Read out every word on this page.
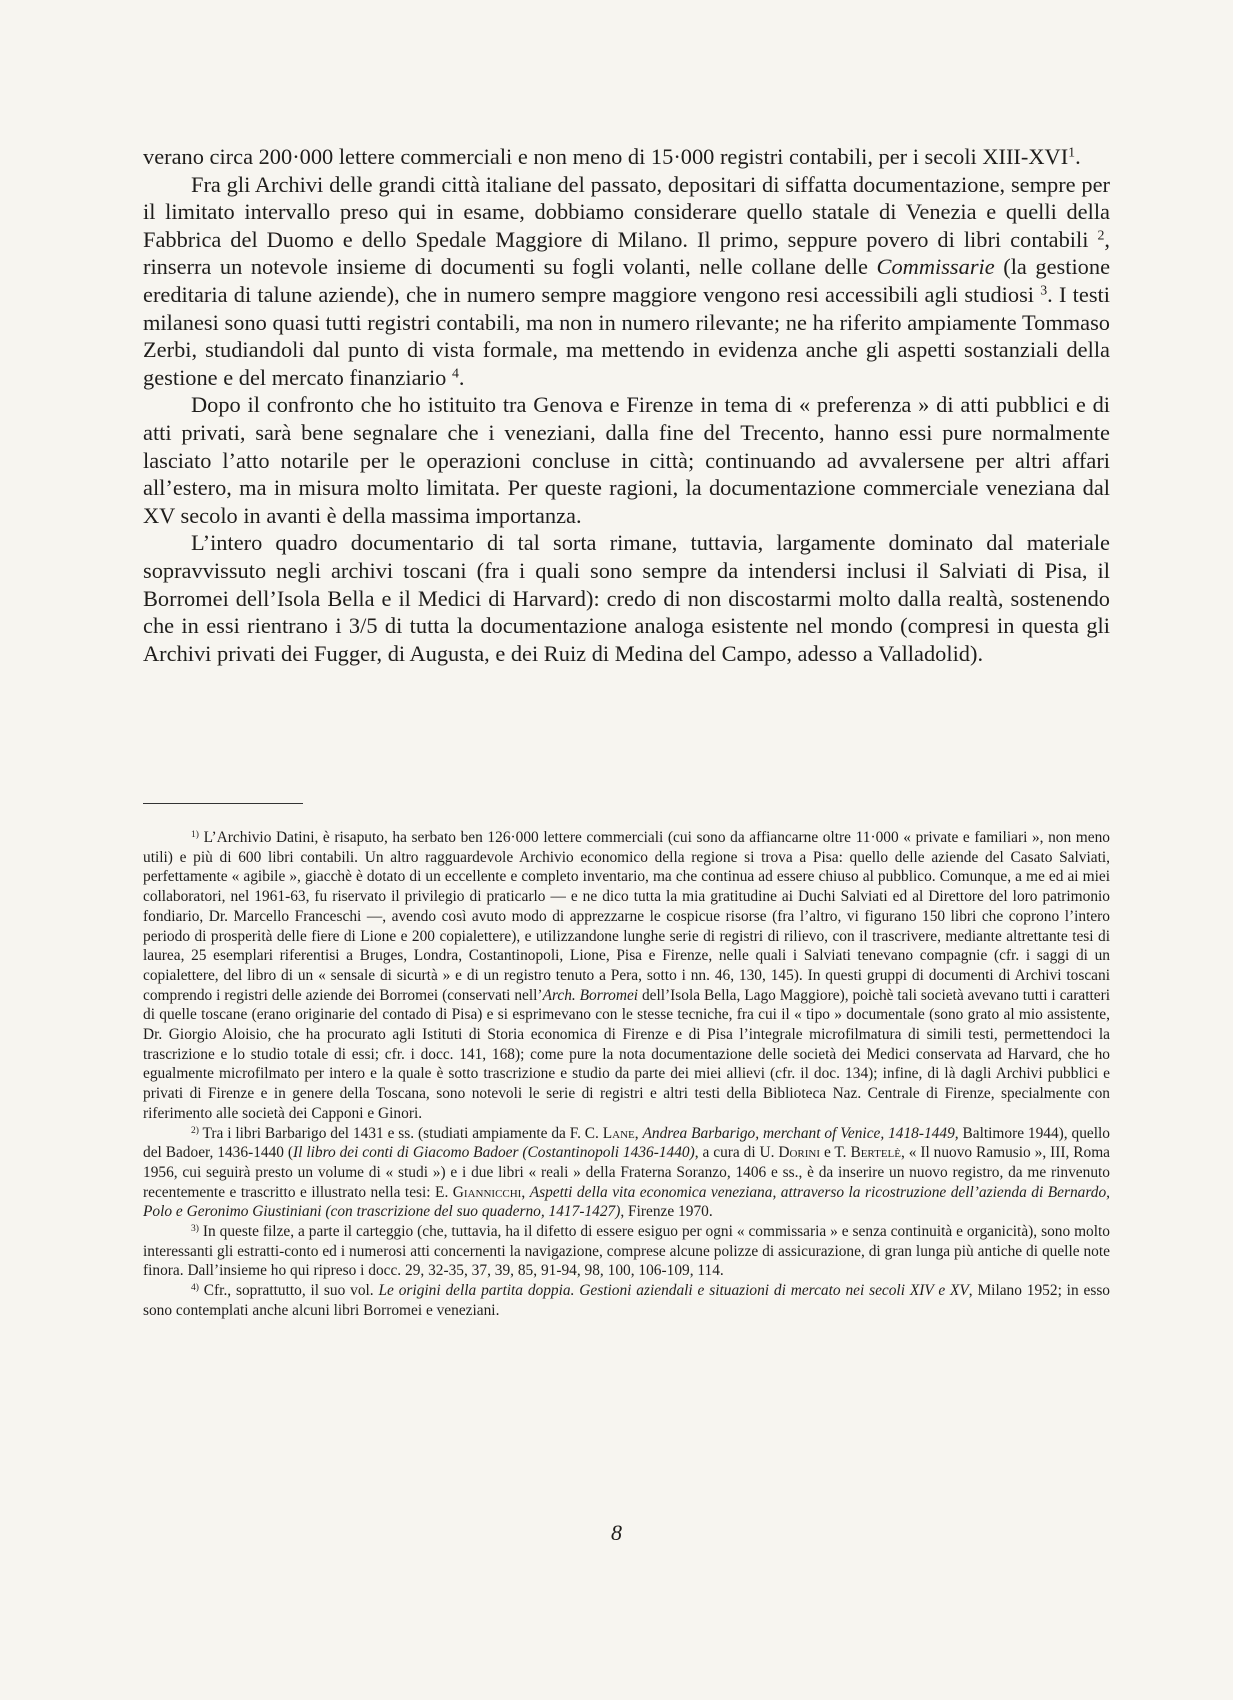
verano circa 200·000 lettere commerciali e non meno di 15·000 registri contabili, per i secoli XIII-XVI$^1$.

Fra gli Archivi delle grandi città italiane del passato, depositari di siffatta documentazione, sempre per il limitato intervallo preso qui in esame, dobbiamo considerare quello statale di Venezia e quelli della Fabbrica del Duomo e dello Spedale Maggiore di Milano. Il primo, seppure povero di libri contabili $^2$, rinserra un notevole insieme di documenti su fogli volanti, nelle collane delle Commissarie (la gestione ereditaria di talune aziende), che in numero sempre maggiore vengono resi accessibili agli studiosi $^3$. I testi milanesi sono quasi tutti registri contabili, ma non in numero rilevante; ne ha riferito ampiamente Tommaso Zerbi, studiandoli dal punto di vista formale, ma mettendo in evidenza anche gli aspetti sostanziali della gestione e del mercato finanziario $^4$.

Dopo il confronto che ho istituito tra Genova e Firenze in tema di « preferenza » di atti pubblici e di atti privati, sarà bene segnalare che i veneziani, dalla fine del Trecento, hanno essi pure normalmente lasciato l’atto notarile per le operazioni concluse in città; continuando ad avvalersene per altri affari all’estero, ma in misura molto limitata. Per queste ragioni, la documentazione commerciale veneziana dal XV secolo in avanti è della massima importanza.

L’intero quadro documentario di tal sorta rimane, tuttavia, largamente dominato dal materiale sopravvissuto negli archivi toscani (fra i quali sono sempre da intendersi inclusi il Salviati di Pisa, il Borromei dell’Isola Bella e il Medici di Harvard): credo di non discostarmi molto dalla realtà, sostenendo che in essi rientrano i 3/5 di tutta la documentazione analoga esistente nel mondo (compresi in questa gli Archivi privati dei Fugger, di Augusta, e dei Ruiz di Medina del Campo, adesso a Valladolid).

$^{1)}$ L’Archivio Datini, è risaputo, ha serbato ben 126·000 lettere commerciali (cui sono da affiancarne oltre 11·000 « private e familiari », non meno utili) e più di 600 libri contabili. Un altro ragguardevole Archivio economico della regione si trova a Pisa: quello delle aziende del Casato Salviati, perfettamente « agibile », giacchè è dotato di un eccellente e completo inventario, ma che continua ad essere chiuso al pubblico. Comunque, a me ed ai miei collaboratori, nel 1961-63, fu riservato il privilegio di praticarlo — e ne dico tutta la mia gratitudine ai Duchi Salviati ed al Direttore del loro patrimonio fondiario, Dr. Marcello Franceschi —, avendo così avuto modo di apprezzarne le cospicue risorse (fra l’altro, vi figurano 150 libri che coprono l’intero periodo di prosperità delle fiere di Lione e 200 copialettere), e utilizzandone lunghe serie di registri di rilievo, con il trascrivere, mediante altrettante tesi di laurea, 25 esemplari riferentisi a Bruges, Londra, Costantinopoli, Lione, Pisa e Firenze, nelle quali i Salviati tenevano compagnie (cfr. i saggi di un copialettere, del libro di un « sensale di sicurtà » e di un registro tenuto a Pera, sotto i nn. 46, 130, 145). In questi gruppi di documenti di Archivi toscani comprendo i registri delle aziende dei Borromei (conservati nell’Arch. Borromei dell’Isola Bella, Lago Maggiore), poichè tali società avevano tutti i caratteri di quelle toscane (erano originarie del contado di Pisa) e si esprimevano con le stesse tecniche, fra cui il « tipo » documentale (sono grato al mio assistente, Dr. Giorgio Aloisio, che ha procurato agli Istituti di Storia economica di Firenze e di Pisa l’integrale microfilmatura di simili testi, permettendoci la trascrizione e lo studio totale di essi; cfr. i docc. 141, 168); come pure la nota documentazione delle società dei Medici conservata ad Harvard, che ho egualmente microfilmato per intero e la quale è sotto trascrizione e studio da parte dei miei allievi (cfr. il doc. 134); infine, di là dagli Archivi pubblici e privati di Firenze e in genere della Toscana, sono notevoli le serie di registri e altri testi della Biblioteca Naz. Centrale di Firenze, specialmente con riferimento alle società dei Capponi e Ginori.

$^{2)}$ Tra i libri Barbarigo del 1431 e ss. (studiati ampiamente da F. C. Lane, Andrea Barbarigo, merchant of Venice, 1418-1449, Baltimore 1944), quello del Badoer, 1436-1440 (Il libro dei conti di Giacomo Badoer (Costantinopoli 1436-1440), a cura di U. Dorini e T. Bertelè, « Il nuovo Ramusio », III, Roma 1956, cui seguirà presto un volume di « studi ») e i due libri « reali » della Fraterna Soranzo, 1406 e ss., è da inserire un nuovo registro, da me rinvenuto recentemente e trascritto e illustrato nella tesi: E. Giannicchi, Aspetti della vita economica veneziana, attraverso la ricostruzione dell’azienda di Bernardo, Polo e Geronimo Giustiniani (con trascrizione del suo quaderno, 1417-1427), Firenze 1970.

$^{3)}$ In queste filze, a parte il carteggio (che, tuttavia, ha il difetto di essere esiguo per ogni « commissaria » e senza continuità e organicità), sono molto interessanti gli estratti-conto ed i numerosi atti concernenti la navigazione, comprese alcune polizze di assicurazione, di gran lunga più antiche di quelle note finora. Dall’insieme ho qui ripreso i docc. 29, 32-35, 37, 39, 85, 91-94, 98, 100, 106-109, 114.

$^{4)}$ Cfr., soprattutto, il suo vol. Le origini della partita doppia. Gestioni aziendali e situazioni di mercato nei secoli XIV e XV, Milano 1952; in esso sono contemplati anche alcuni libri Borromei e veneziani.

8
